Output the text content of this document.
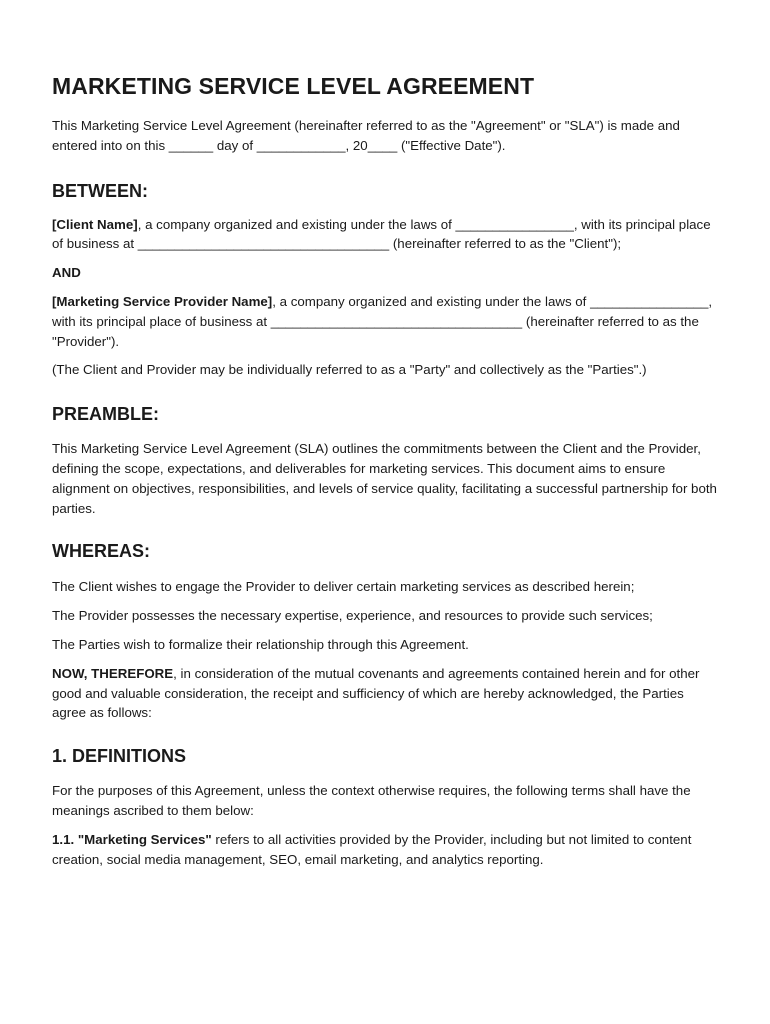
MARKETING SERVICE LEVEL AGREEMENT

This Marketing Service Level Agreement (hereinafter referred to as the "Agreement" or "SLA") is made and entered into on this ______ day of ____________, 20____ ("Effective Date").

BETWEEN:

[Client Name], a company organized and existing under the laws of ________________, with its principal place of business at __________________________________ (hereinafter referred to as the "Client");

AND

[Marketing Service Provider Name], a company organized and existing under the laws of ________________, with its principal place of business at __________________________________ (hereinafter referred to as the "Provider").

(The Client and Provider may be individually referred to as a "Party" and collectively as the "Parties".)

PREAMBLE:

This Marketing Service Level Agreement (SLA) outlines the commitments between the Client and the Provider, defining the scope, expectations, and deliverables for marketing services. This document aims to ensure alignment on objectives, responsibilities, and levels of service quality, facilitating a successful partnership for both parties.

WHEREAS:

The Client wishes to engage the Provider to deliver certain marketing services as described herein;

The Provider possesses the necessary expertise, experience, and resources to provide such services;

The Parties wish to formalize their relationship through this Agreement.

NOW, THEREFORE, in consideration of the mutual covenants and agreements contained herein and for other good and valuable consideration, the receipt and sufficiency of which are hereby acknowledged, the Parties agree as follows:

1. DEFINITIONS

For the purposes of this Agreement, unless the context otherwise requires, the following terms shall have the meanings ascribed to them below:

1.1. "Marketing Services" refers to all activities provided by the Provider, including but not limited to content creation, social media management, SEO, email marketing, and analytics reporting.
